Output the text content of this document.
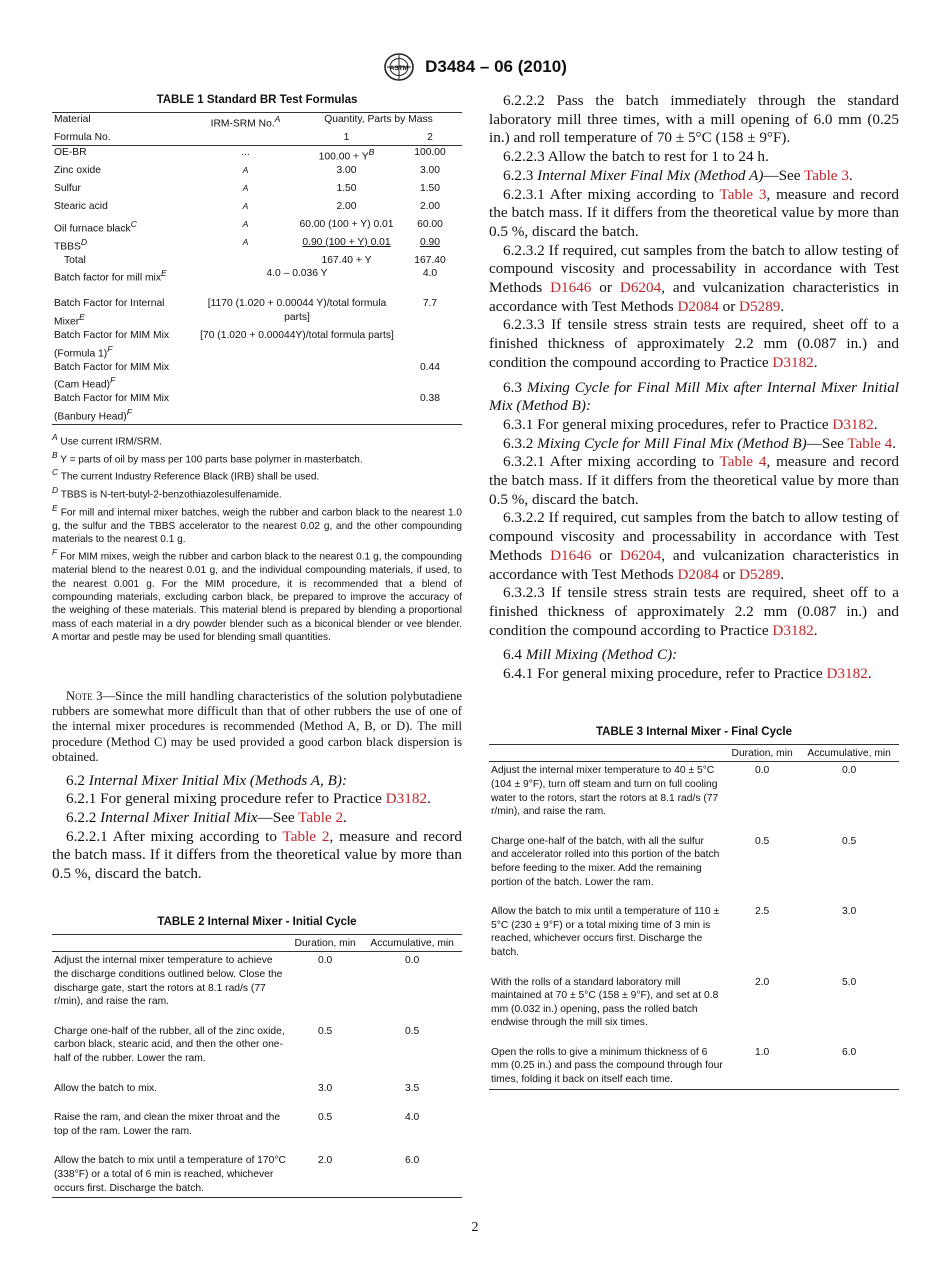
ASTM D3484 – 06 (2010)
TABLE 1 Standard BR Test Formulas
Material	IRM-SRM No.$^A$	Quantity, Parts by Mass	
Formula No.		1	2
OE-BR	...	$100.00 + Y^B$	100.00
Zinc oxide	$^A$	3.00	3.00
Sulfur	$^A$	1.50	1.50
Stearic acid	$^A$	2.00	2.00
Oil furnace black$^C$	$^A$	60.00 (100 + Y) 0.01	60.00
$TBBS^D$	$^A$	0.90 (100 + Y) 0.01	0.90
Total		167.40 + Y	167.40
Batch factor for mill mix$^E$	4.0 – 0.036 Y		4.0

Batch Factor for Internal Mixer$^E$	[1170 (1.020 + 0.00044 Y)/total formula parts]		7.7
Batch Factor for MIM Mix (Formula 1)$^F$	[70 (1.020 + 0.00044Y)/total formula parts]		
Batch Factor for MIM Mix (Cam Head)$^F$			0.44
Batch Factor for MIM Mix (Banbury Head)$^F$			0.38

$^A$ Use current IRM/SRM.

$^B$ Y = parts of oil by mass per 100 parts base polymer in masterbatch.

$^C$ The current Industry Reference Black (IRB) shall be used.

$^D$ TBBS is N-tert-butyl-2-benzothiazolesulfenamide.

$^E$ For mill and internal mixer batches, weigh the rubber and carbon black to the nearest 1.0 g, the sulfur and the TBBS accelerator to the nearest 0.02 g, and the other compounding materials to the nearest 0.1 g.

$^F$ For MIM mixes, weigh the rubber and carbon black to the nearest 0.1 g, the compounding material blend to the nearest 0.01 g, and the individual compounding materials, if used, to the nearest 0.001 g. For the MIM procedure, it is recommended that a blend of compounding materials, excluding carbon black, be prepared to improve the accuracy of the weighing of these materials. This material blend is prepared by blending a proportional mass of each material in a dry powder blender such as a biconical blender or vee blender. A mortar and pestle may be used for blending small quantities.

Note 3—Since the mill handling characteristics of the solution polybutadiene rubbers are somewhat more difficult than that of other rubbers the use of one of the internal mixer procedures is recommended (Method A, B, or D). The mill procedure (Method C) may be used provided a good carbon black dispersion is obtained.

6.2 Internal Mixer Initial Mix (Methods A, B):

6.2.1 For general mixing procedure refer to Practice D3182.

6.2.2 Internal Mixer Initial Mix—See Table 2.

6.2.2.1 After mixing according to Table 2, measure and record the batch mass. If it differs from the theoretical value by more than 0.5 %, discard the batch.

TABLE 2 Internal Mixer - Initial Cycle
	Duration, min	Accumulative, min
Adjust the internal mixer temperature to achieve the discharge conditions outlined below. Close the discharge gate, start the rotors at 8.1 rad/s (77 r/min), and raise the ram.	0.0	0.0
Charge one-half of the rubber, all of the zinc oxide, carbon black, stearic acid, and then the other one-half of the rubber. Lower the ram.	0.5	0.5
Allow the batch to mix.	3.0	3.5
Raise the ram, and clean the mixer throat and the top of the ram. Lower the ram.	0.5	4.0
Allow the batch to mix until a temperature of 170°C (338°F) or a total of 6 min is reached, whichever occurs first. Discharge the batch.	2.0	6.0

6.2.2.2 Pass the batch immediately through the standard laboratory mill three times, with a mill opening of 6.0 mm (0.25 in.) and roll temperature of 70 ± 5°C (158 ± 9°F).

6.2.2.3 Allow the batch to rest for 1 to 24 h.

6.2.3 Internal Mixer Final Mix (Method A)—See Table 3.

6.2.3.1 After mixing according to Table 3, measure and record the batch mass. If it differs from the theoretical value by more than 0.5 %, discard the batch.

6.2.3.2 If required, cut samples from the batch to allow testing of compound viscosity and processability in accordance with Test Methods D1646 or D6204, and vulcanization characteristics in accordance with Test Methods D2084 or D5289.

6.2.3.3 If tensile stress strain tests are required, sheet off to a finished thickness of approximately 2.2 mm (0.087 in.) and condition the compound according to Practice D3182.

6.3 Mixing Cycle for Final Mill Mix after Internal Mixer Initial Mix (Method B):

6.3.1 For general mixing procedures, refer to Practice D3182.

6.3.2 Mixing Cycle for Mill Final Mix (Method B)—See Table 4.

6.3.2.1 After mixing according to Table 4, measure and record the batch mass. If it differs from the theoretical value by more than 0.5 %, discard the batch.

6.3.2.2 If required, cut samples from the batch to allow testing of compound viscosity and processability in accordance with Test Methods D1646 or D6204, and vulcanization characteristics in accordance with Test Methods D2084 or D5289.

6.3.2.3 If tensile stress strain tests are required, sheet off to a finished thickness of approximately 2.2 mm (0.087 in.) and condition the compound according to Practice D3182.

6.4 Mill Mixing (Method C):

6.4.1 For general mixing procedure, refer to Practice D3182.

TABLE 3 Internal Mixer - Final Cycle
	Duration, min	Accumulative, min
Adjust the internal mixer temperature to 40 ± 5°C (104 ± 9°F), turn off steam and turn on full cooling water to the rotors, start the rotors at 8.1 rad/s (77 r/min), and raise the ram.	0.0	0.0
Charge one-half of the batch, with all the sulfur and accelerator rolled into this portion of the batch before feeding to the mixer. Add the remaining portion of the batch. Lower the ram.	0.5	0.5
Allow the batch to mix until a temperature of 110 ± 5°C (230 ± 9°F) or a total mixing time of 3 min is reached, whichever occurs first. Discharge the batch.	2.5	3.0
With the rolls of a standard laboratory mill maintained at 70 ± 5°C (158 ± 9°F), and set at 0.8 mm (0.032 in.) opening, pass the rolled batch endwise through the mill six times.	2.0	5.0
Open the rolls to give a minimum thickness of 6 mm (0.25 in.) and pass the compound through four times, folding it back on itself each time.	1.0	6.0
2
